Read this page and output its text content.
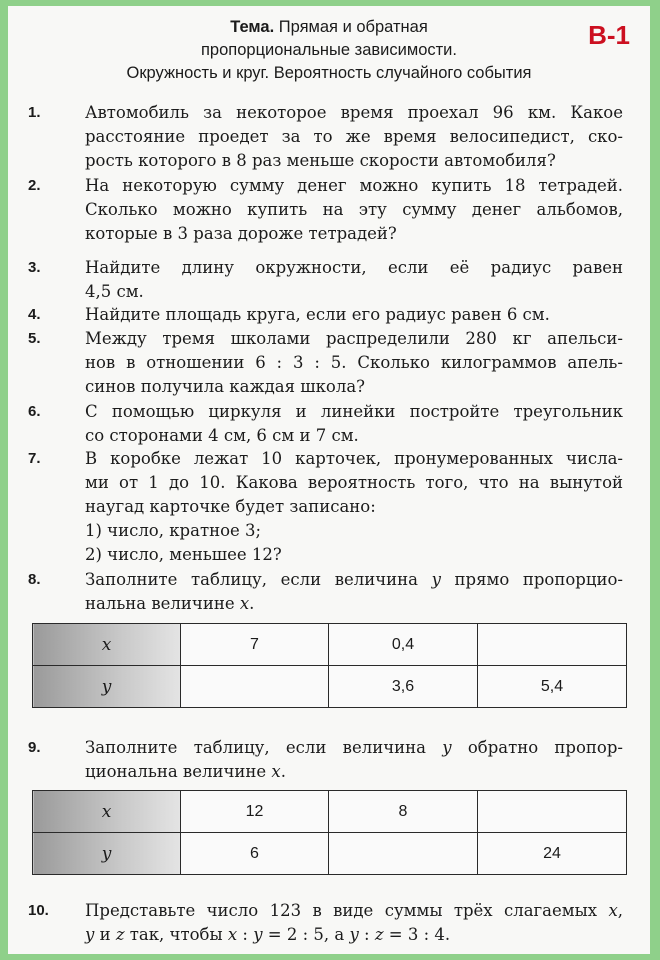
Тема. Прямая и обратная
пропорциональные зависимости.
Окружность и круг. Вероятность случайного события
В-1
1.	Автомобиль за некоторое время проехал 96 км. Какое
расстояние проедет за то же время велосипедист, ско-
рость которого в 8 раз меньше скорости автомобиля?
2.	На некоторую сумму денег можно купить 18 тетрадей.
Сколько можно купить на эту сумму денег альбомов,
которые в 3 раза дороже тетрадей?
3.	Найдите длину окружности, если её радиус равен
4,5 см.
4.	Найдите площадь круга, если его радиус равен 6 см.
5.	Между тремя школами распределили 280 кг апельси-
нов в отношении 6 : 3 : 5. Сколько килограммов апель-
синов получила каждая школа?
6.	С помощью циркуля и линейки постройте треугольник
со сторонами 4 см, 6 см и 7 см.
7.	В коробке лежат 10 карточек, пронумерованных числа-
ми от 1 до 10. Какова вероятность того, что на вынутой
наугад карточке будет записано:
1) число, кратное 3;
2) число, меньшее 12?
8.	Заполните таблицу, если величина y прямо пропорцио-
нальна величине x.
x	7	0,4	
y		3,6	5,4
9.	Заполните таблицу, если величина y обратно пропор-
циональна величине x.
x	12	8	
y	6		24
10. Представьте число 123 в виде суммы трёх слагаемых x,
y и z так, чтобы x : y = 2 : 5, а y : z = 3 : 4.
